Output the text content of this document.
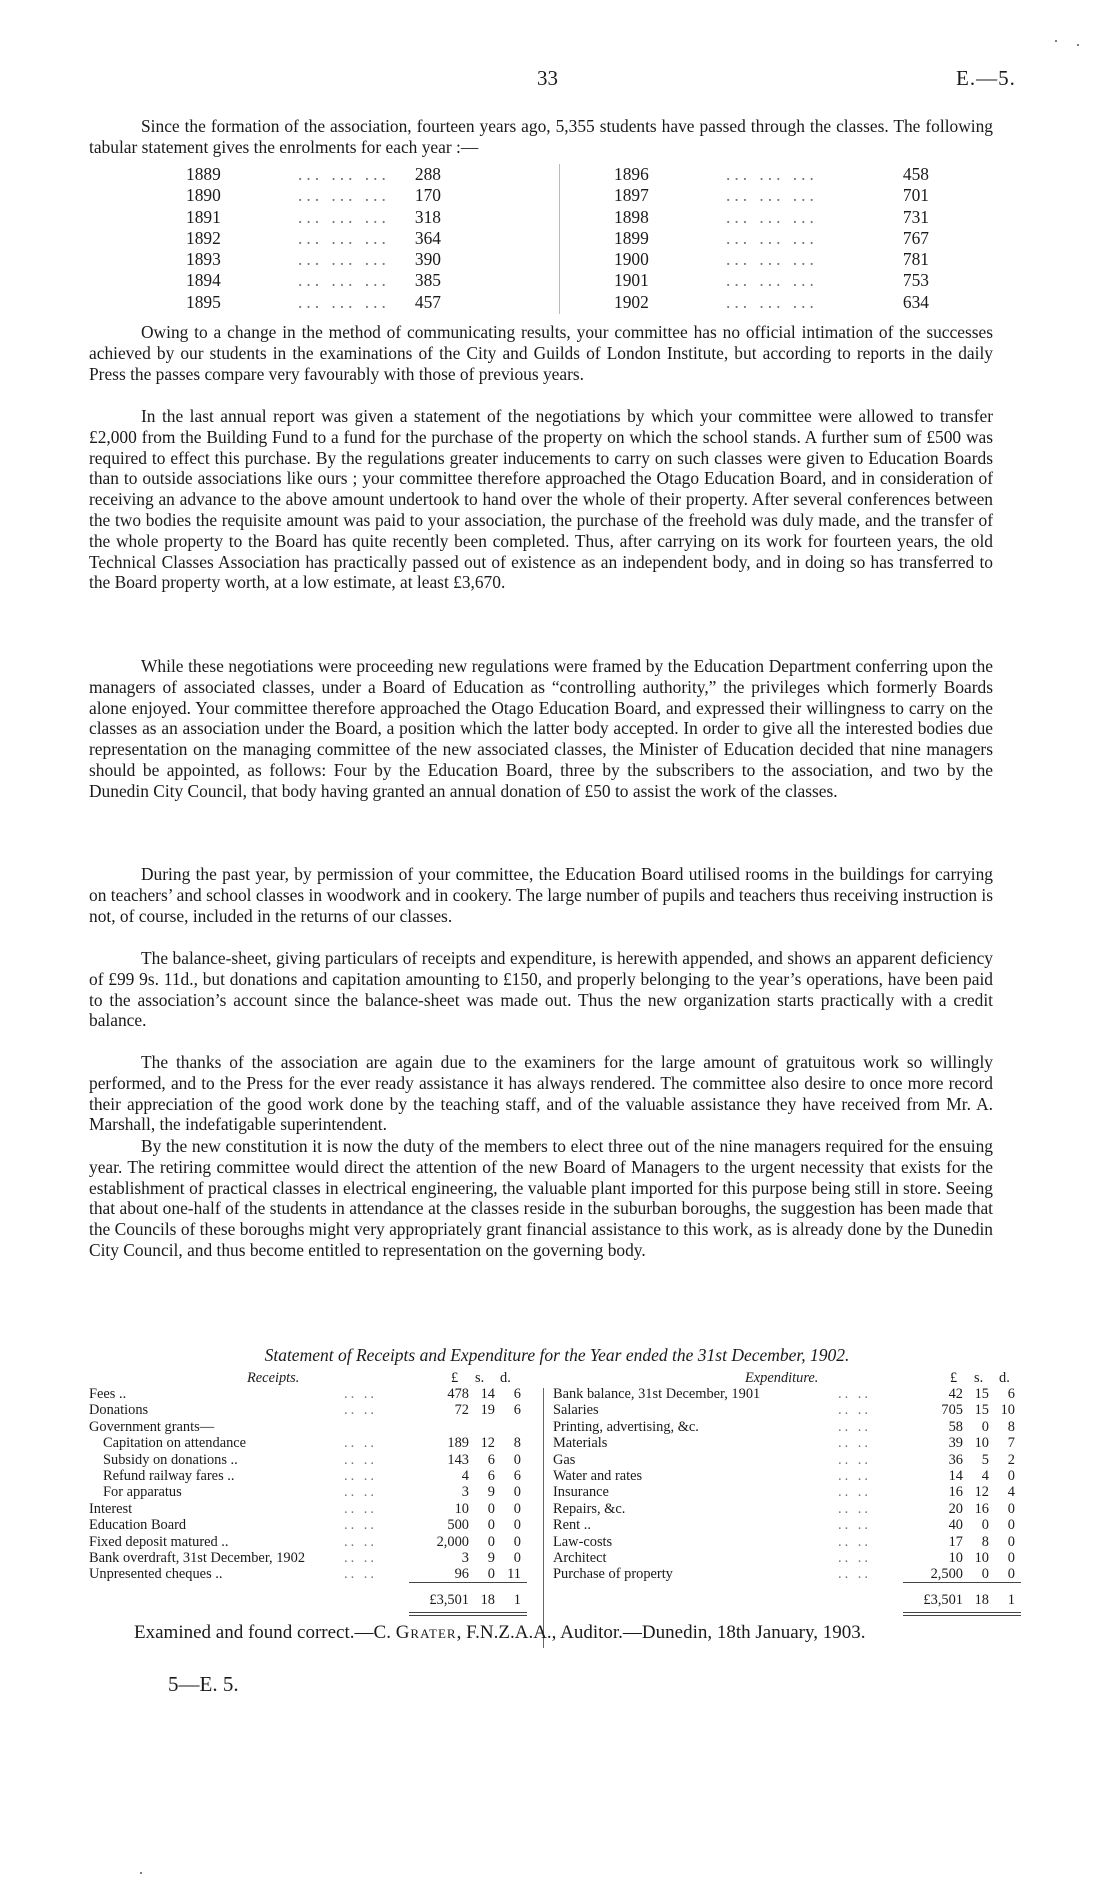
33	E.—5.

Since the formation of the association, fourteen years ago, 5,355 students have passed through the classes. The following tabular statement gives the enrolments for each year :—

1889	... ... ... 288
1890	... ... ... 170
1891	... ... ... 318
1892	... ... ... 364
1893	... ... ... 390
1894	... ... ... 385
1895	... ... ... 457
1896	... ... ...	458
1897	... ... ...	701
1898	... ... ...	731
1899	... ... ...	767
1900	... ... ...	781
1901	... ... ...	753
1902	... ... ...	634

Owing to a change in the method of communicating results, your committee has no official intimation of the successes achieved by our students in the examinations of the City and Guilds of London Institute, but according to reports in the daily Press the passes compare very favourably with those of previous years.

In the last annual report was given a statement of the negotiations by which your committee were allowed to transfer £2,000 from the Building Fund to a fund for the purchase of the property on which the school stands. A further sum of £500 was required to effect this purchase. By the regulations greater inducements to carry on such classes were given to Education Boards than to outside associations like ours ; your committee therefore approached the Otago Education Board, and in consideration of receiving an advance to the above amount undertook to hand over the whole of their property. After several conferences between the two bodies the requisite amount was paid to your association, the purchase of the freehold was duly made, and the transfer of the whole property to the Board has quite recently been completed. Thus, after carrying on its work for fourteen years, the old Technical Classes Association has practically passed out of existence as an independent body, and in doing so has transferred to the Board property worth, at a low estimate, at least £3,670.

While these negotiations were proceeding new regulations were framed by the Education Department conferring upon the managers of associated classes, under a Board of Education as “controlling authority,” the privileges which formerly Boards alone enjoyed. Your committee therefore approached the Otago Education Board, and expressed their willingness to carry on the classes as an association under the Board, a position which the latter body accepted. In order to give all the interested bodies due representation on the managing committee of the new associated classes, the Minister of Education decided that nine managers should be appointed, as follows: Four by the Education Board, three by the subscribers to the association, and two by the Dunedin City Council, that body having granted an annual donation of £50 to assist the work of the classes.

During the past year, by permission of your committee, the Education Board utilised rooms in the buildings for carrying on teachers’ and school classes in woodwork and in cookery. The large number of pupils and teachers thus receiving instruction is not, of course, included in the returns of our classes.

The balance-sheet, giving particulars of receipts and expenditure, is herewith appended, and shows an apparent deficiency of £99 9s. 11d., but donations and capitation amounting to £150, and properly belonging to the year’s operations, have been paid to the association’s account since the balance-sheet was made out. Thus the new organization starts practically with a credit balance.

The thanks of the association are again due to the examiners for the large amount of gratuitous work so willingly performed, and to the Press for the ever ready assistance it has always rendered. The committee also desire to once more record their appreciation of the good work done by the teaching staff, and of the valuable assistance they have received from Mr. A. Marshall, the indefatigable superintendent.

By the new constitution it is now the duty of the members to elect three out of the nine managers required for the ensuing year. The retiring committee would direct the attention of the new Board of Managers to the urgent necessity that exists for the establishment of practical classes in electrical engineering, the valuable plant imported for this purpose being still in store. Seeing that about one-half of the students in attendance at the classes reside in the suburban boroughs, the suggestion has been made that the Councils of these boroughs might very appropriately grant financial assistance to this work, as is already done by the Dunedin City Council, and thus become entitled to representation on the governing body.

Statement of Receipts and Expenditure for the Year ended the 31st December, 1902.
Receipts.	£ s. d.
Fees ..	.. ..	478 14 6
Donations	.. ..	72 19 6
Government grants—
Capitation on attendance	.. ..	189 12 8
Subsidy on donations ..	.. ..	143 6 0
Refund railway fares ..	.. ..	4 6 6
For apparatus	.. ..	3 9 0
Interest	.. ..	10 0 0
Education Board	.. ..	500 0 0
Fixed deposit matured ..	.. ..	2,000 0 0
Bank overdraft, 31st December, 1902	.. ..	3 9 0
Unpresented cheques ..	.. ..	96 0 11
£3,501 18 1
Expenditure.	£ s. d.
Bank balance, 31st December, 1901	.. ..	42 15 6
Salaries	.. ..	705 15 10
Printing, advertising, &c.	.. ..	58 0 8
Materials	.. ..	39 10 7
Gas	.. ..	36 5 2
Water and rates	.. ..	14 4 0
Insurance	.. ..	16 12 4
Repairs, &c.	.. ..	20 16 0
Rent ..	.. ..	40 0 0
Law-costs	.. ..	17 8 0
Architect	.. ..	10 10 0
Purchase of property	.. ..	2,500 0 0
£3,501 18 1

Examined and found correct.—C. Grater, F.N.Z.A.A., Auditor.—Dunedin, 18th January, 1903.

5—E. 5.
